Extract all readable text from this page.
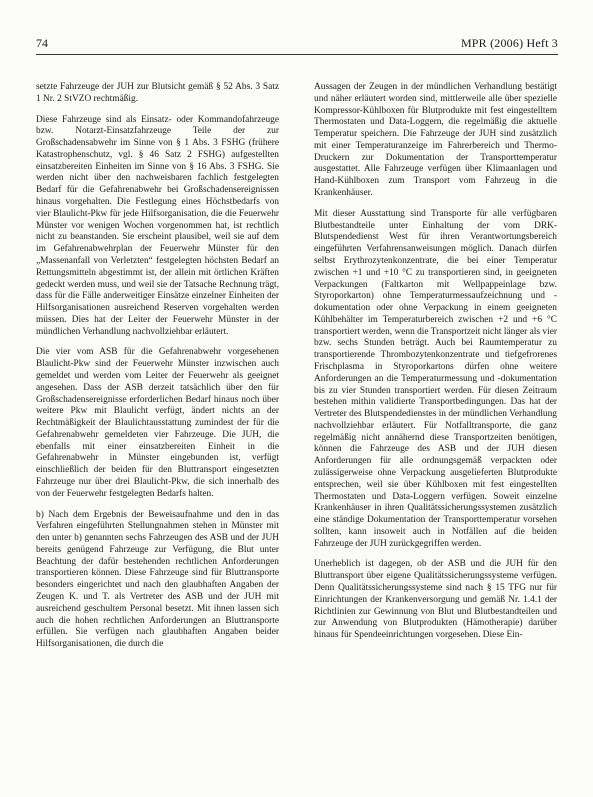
74	MPR (2006) Heft 3

setzte Fahrzeuge der JUH zur Blutsicht gemäß § 52 Abs. 3 Satz 1 Nr. 2 StVZO rechtmäßig.

Diese Fahrzeuge sind als Einsatz- oder Kommandofahrzeuge bzw. Notarzt-Einsatzfahrzeuge Teile der zur Großschadensabwehr im Sinne von § 1 Abs. 3 FSHG (frühere Katastrophenschutz, vgl. § 46 Satz 2 FSHG) aufgestellten einsatzbereiten Einheiten im Sinne von § 16 Abs. 3 FSHG. Sie werden nicht über den nachweisbaren fachlich festgelegten Bedarf für die Gefahrenabwehr bei Großschadensereignissen hinaus vorgehalten. Die Festlegung eines Höchstbedarfs von vier Blaulicht-Pkw für jede Hilfsorganisation, die die Feuerwehr Münster vor wenigen Wochen vorgenommen hat, ist rechtlich nicht zu beanstanden. Sie erscheint plausibel, weil sie auf dem im Gefahrenabwehrplan der Feuerwehr Münster für den „Massenanfall von Verletzten“ festgelegten höchsten Bedarf an Rettungsmitteln abgestimmt ist, der allein mit örtlichen Kräften gedeckt werden muss, und weil sie der Tatsache Rechnung trägt, dass für die Fälle anderweitiger Einsätze einzelner Einheiten der Hilfsorganisationen ausreichend Reserven vorgehalten werden müssen. Dies hat der Leiter der Feuerwehr Münster in der mündlichen Verhandlung nachvollziehbar erläutert.

Die vier vom ASB für die Gefahrenabwehr vorgesehenen Blaulicht-Pkw sind der Feuerwehr Münster inzwischen auch gemeldet und werden vom Leiter der Feuerwehr als geeignet angesehen. Dass der ASB derzeit tatsächlich über den für Großschadensereignisse erforderlichen Bedarf hinaus noch über weitere Pkw mit Blaulicht verfügt, ändert nichts an der Rechtmäßigkeit der Blaulichtausstattung zumindest der für die Gefahrenabwehr gemeldeten vier Fahrzeuge. Die JUH, die ebenfalls mit einer einsatzbereiten Einheit in die Gefahrenabwehr in Münster eingebunden ist, verfügt einschließlich der beiden für den Bluttransport eingesetzten Fahrzeuge nur über drei Blaulicht-Pkw, die sich innerhalb des von der Feuerwehr festgelegten Bedarfs halten.

b) Nach dem Ergebnis der Beweisaufnahme und den in das Verfahren eingeführten Stellungnahmen stehen in Münster mit den unter b) genannten sechs Fahrzeugen des ASB und der JUH bereits genügend Fahrzeuge zur Verfügung, die Blut unter Beachtung der dafür bestehenden rechtlichen Anforderungen transportieren können. Diese Fahrzeuge sind für Bluttransporte besonders eingerichtet und nach den glaubhaften Angaben der Zeugen K. und T. als Vertreter des ASB und der JUH mit ausreichend geschultem Personal besetzt. Mit ihnen lassen sich auch die hohen rechtlichen Anforderungen an Bluttransporte erfüllen. Sie verfügen nach glaubhaften Angaben beider Hilfsorganisationen, die durch die

Aussagen der Zeugen in der mündlichen Verhandlung bestätigt und näher erläutert worden sind, mittlerweile alle über spezielle Kompressor-Kühlboxen für Blutprodukte mit fest eingestelltem Thermostaten und Data-Loggern, die regelmäßig die aktuelle Temperatur speichern. Die Fahrzeuge der JUH sind zusätzlich mit einer Temperaturanzeige im Fahrerbereich und Thermo-Druckern zur Dokumentation der Transporttemperatur ausgestattet. Alle Fahrzeuge verfügen über Klimaanlagen und Hand-Kühlboxen zum Transport vom Fahrzeug in die Krankenhäuser.

Mit dieser Ausstattung sind Transporte für alle verfügbaren Blutbestandteile unter Einhaltung der vom DRK-Blutspendedienst West für ihren Verantwortungsbereich eingeführten Verfahrensanweisungen möglich. Danach dürfen selbst Erythrozytenkonzentrate, die bei einer Temperatur zwischen +1 und +10 °C zu transportieren sind, in geeigneten Verpackungen (Faltkarton mit Wellpappeinlage bzw. Styroporkarton) ohne Temperaturmessaufzeichnung und -dokumentation oder ohne Verpackung in einem geeigneten Kühlbehälter im Temperaturbereich zwischen +2 und +6 °C transportiert werden, wenn die Transportzeit nicht länger als vier bzw. sechs Stunden beträgt. Auch bei Raumtemperatur zu transportierende Thrombozytenkonzentrate und tiefgefrorenes Frischplasma in Styroporkartons dürfen ohne weitere Anforderungen an die Temperaturmessung und -dokumentation bis zu vier Stunden transportiert werden. Für diesen Zeitraum bestehen mithin validierte Transportbedingungen. Das hat der Vertreter des Blutspendedienstes in der mündlichen Verhandlung nachvollziehbar erläutert. Für Notfalltransporte, die ganz regelmäßig nicht annähernd diese Transportzeiten benötigen, können die Fahrzeuge des ASB und der JUH diesen Anforderungen für alle ordnungsgemäß verpackten oder zulässigerweise ohne Verpackung ausgelieferten Blutprodukte entsprechen, weil sie über Kühlboxen mit fest eingestellten Thermostaten und Data-Loggern verfügen. Soweit einzelne Krankenhäuser in ihren Qualitätssicherungssystemen zusätzlich eine ständige Dokumentation der Transporttemperatur vorsehen sollten, kann insoweit auch in Notfällen auf die beiden Fahrzeuge der JUH zurückgegriffen werden.

Unerheblich ist dagegen, ob der ASB und die JUH für den Bluttransport über eigene Qualitätssicherungssysteme verfügen. Denn Qualitätssicherungssysteme sind nach § 15 TFG nur für Einrichtungen der Krankenversorgung und gemäß Nr. 1.4.1 der Richtlinien zur Gewinnung von Blut und Blutbestandteilen und zur Anwendung von Blutprodukten (Hämotherapie) darüber hinaus für Spendeeinrichtungen vorgesehen. Diese Ein-
